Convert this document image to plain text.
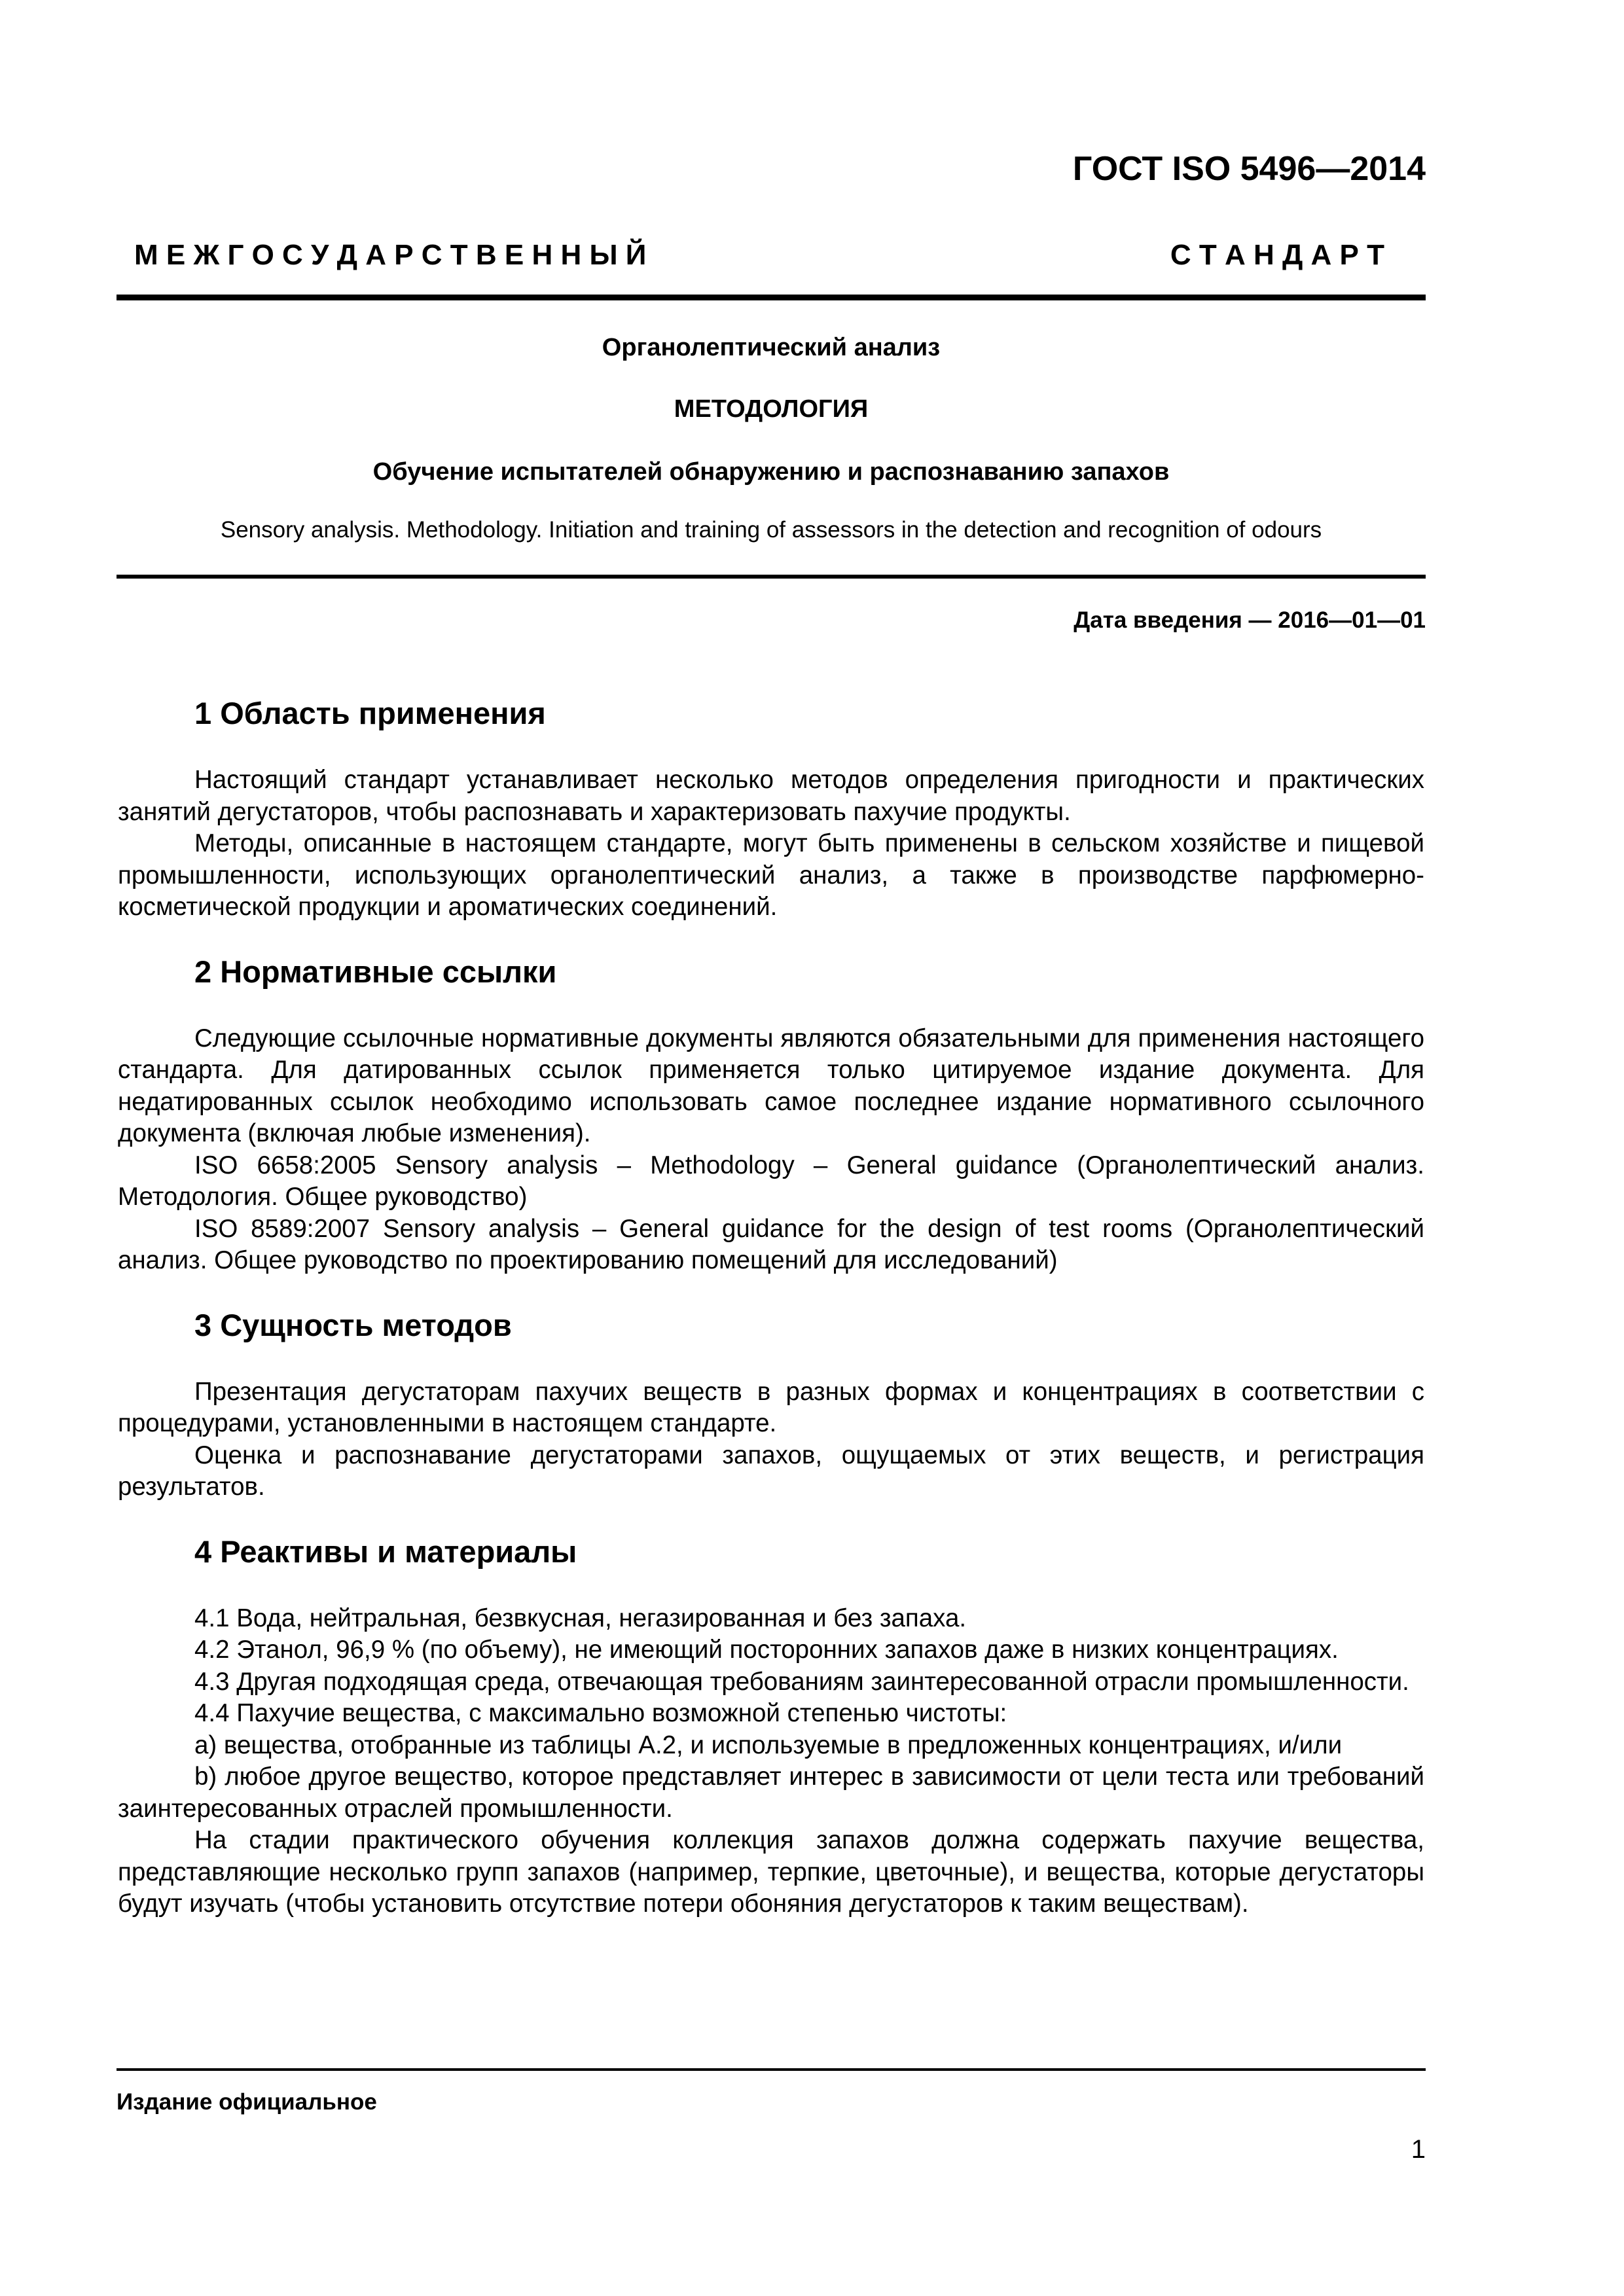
ГОСТ ISO 5496—2014
М Е Ж Г О С У Д А Р С Т В Е Н Н Ы Й	С Т А Н Д А Р Т
Органолептический анализ
МЕТОДОЛОГИЯ
Обучение испытателей обнаружению и распознаванию запахов
Sensory analysis. Methodology. Initiation and training of assessors in the detection and recognition of odours
Дата введения — 2016—01—01
1 Область применения

Настоящий стандарт устанавливает несколько методов определения пригодности и практических занятий дегустаторов, чтобы распознавать и характеризовать пахучие продукты.

Методы, описанные в настоящем стандарте, могут быть применены в сельском хозяйстве и пищевой промышленности, использующих органолептический анализ, а также в производстве парфюмерно-косметической продукции и ароматических соединений.

2 Нормативные ссылки

Следующие ссылочные нормативные документы являются обязательными для применения настоящего стандарта. Для датированных ссылок применяется только цитируемое издание документа. Для недатированных ссылок необходимо использовать самое последнее издание нормативного ссылочного документа (включая любые изменения).

ISO 6658:2005 Sensory analysis – Methodology – General guidance (Органолептический анализ. Методология. Общее руководство)

ISO 8589:2007 Sensory analysis – General guidance for the design of test rooms (Органолептический анализ. Общее руководство по проектированию помещений для исследований)

3 Сущность методов

Презентация дегустаторам пахучих веществ в разных формах и концентрациях в соответствии с процедурами, установленными в настоящем стандарте.

Оценка и распознавание дегустаторами запахов, ощущаемых от этих веществ, и регистрация результатов.

4 Реактивы и материалы

4.1 Вода, нейтральная, безвкусная, негазированная и без запаха.

4.2 Этанол, 96,9 % (по объему), не имеющий посторонних запахов даже в низких концентрациях.

4.3 Другая подходящая среда, отвечающая требованиям заинтересованной отрасли промышленности.

4.4 Пахучие вещества, с максимально возможной степенью чистоты:

a) вещества, отобранные из таблицы А.2, и используемые в предложенных концентрациях, и/или

b) любое другое вещество, которое представляет интерес в зависимости от цели теста или требований заинтересованных отраслей промышленности.

На стадии практического обучения коллекция запахов должна содержать пахучие вещества, представляющие несколько групп запахов (например, терпкие, цветочные), и вещества, которые дегустаторы будут изучать (чтобы установить отсутствие потери обоняния дегустаторов к таким веществам).

Издание официальное
1
